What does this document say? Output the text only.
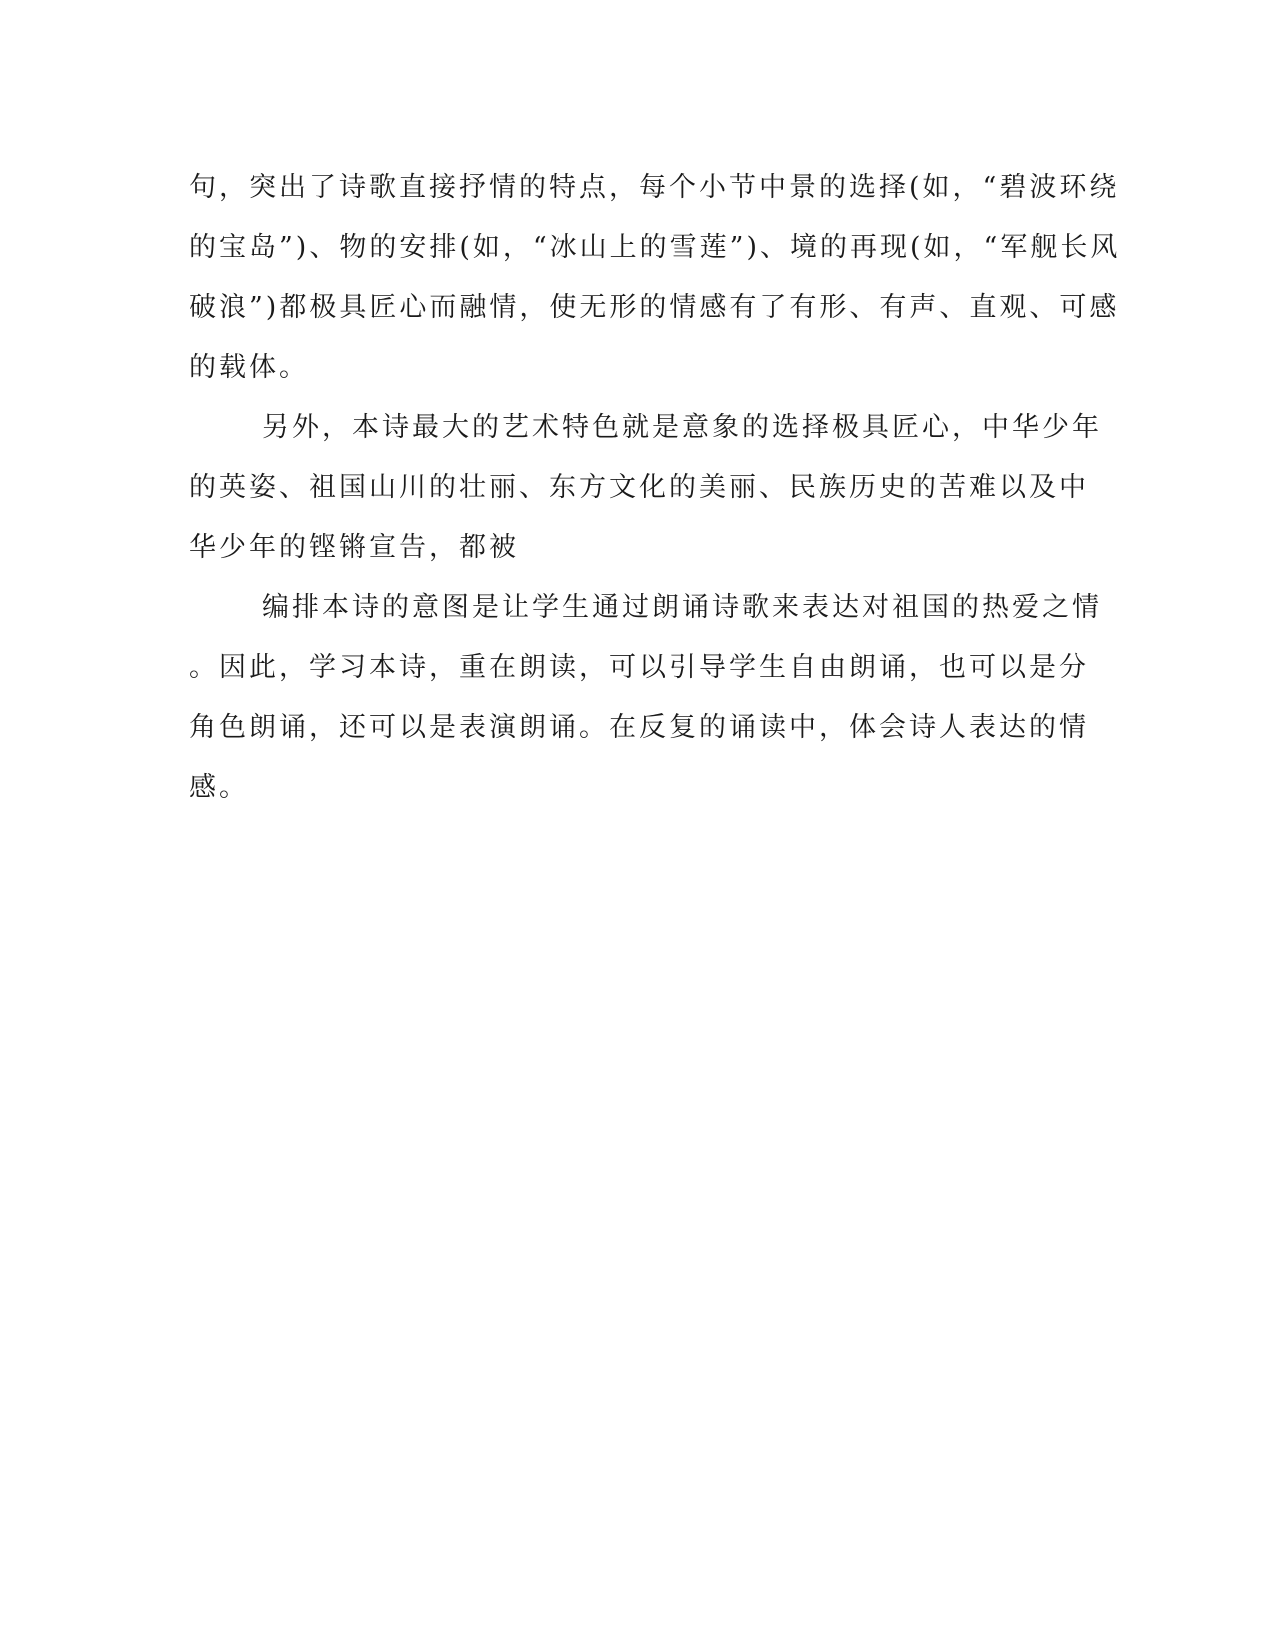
句，突出了诗歌直接抒情的特点，每个小节中景的选择(如，“碧波环绕
的宝岛”)、物的安排(如，“冰山上的雪莲”)、境的再现(如，“军舰长风
破浪”)都极具匠心而融情，使无形的情感有了有形、有声、直观、可感
的载体。
另外，本诗最大的艺术特色就是意象的选择极具匠心，中华少年
的英姿、祖国山川的壮丽、东方文化的美丽、民族历史的苦难以及中
华少年的铿锵宣告，都被
编排本诗的意图是让学生通过朗诵诗歌来表达对祖国的热爱之情
。因此，学习本诗，重在朗读，可以引导学生自由朗诵，也可以是分
角色朗诵，还可以是表演朗诵。在反复的诵读中，体会诗人表达的情
感。
